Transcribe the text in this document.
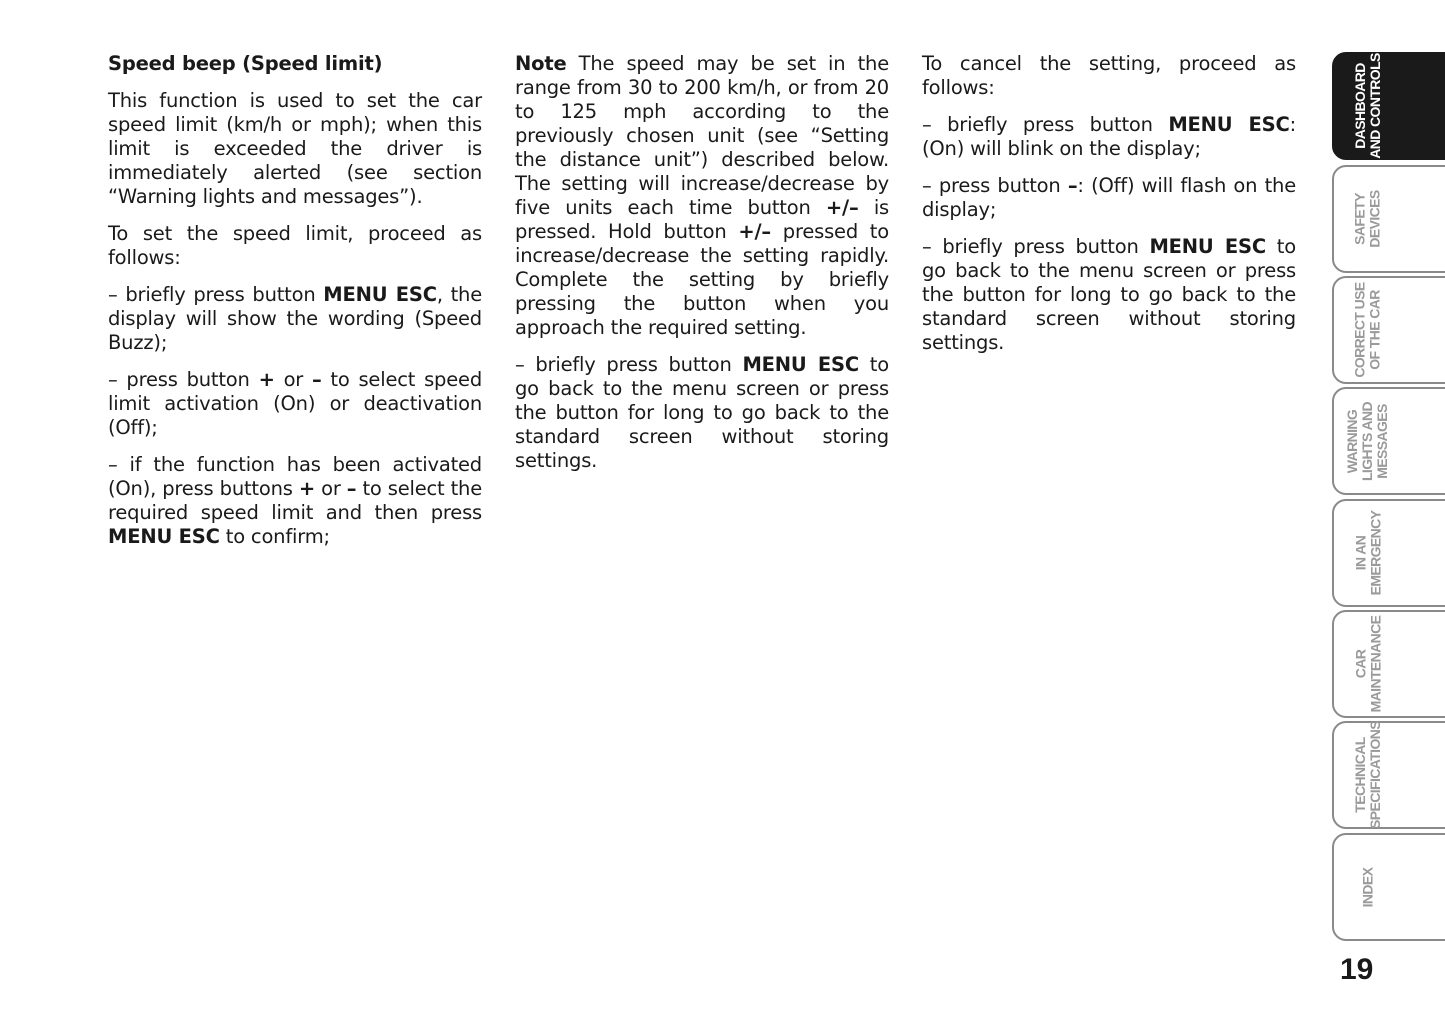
Speed beep (Speed limit)

This function is used to set the car speed limit (km/h or mph); when this limit is exceeded the driver is immediately alerted (see section “Warning lights and messages”).

To set the speed limit, proceed as follows:

– briefly press button MENU ESC, the display will show the wording (Speed Buzz);

– press button + or – to select speed limit activation (On) or deactivation (Off);

– if the function has been activated (On), press buttons + or – to select the required speed limit and then press MENU ESC to confirm;

Note The speed may be set in the range from 30 to 200 km/h, or from 20 to 125 mph according to the previously chosen unit (see “Setting the distance unit”) described below. The setting will increase/decrease by five units each time button +/– is pressed. Hold button +/– pressed to increase/decrease the setting rapidly. Complete the setting by briefly pressing the button when you approach the required setting.

– briefly press button MENU ESC to go back to the menu screen or press the button for long to go back to the standard screen without storing settings.

To cancel the setting, proceed as follows:

– briefly press button MENU ESC: (On) will blink on the display;

– press button –: (Off) will flash on the display;

– briefly press button MENU ESC to go back to the menu screen or press the button for long to go back to the standard screen without storing settings.

DASHBOARD
AND CONTROLS
SAFETY
DEVICES
CORRECT USE
OF THE CAR
WARNING
LIGHTS AND
MESSAGES
IN AN
EMERGENCY
CAR
MAINTENANCE
TECHNICAL
SPECIFICATIONS
INDEX
19
